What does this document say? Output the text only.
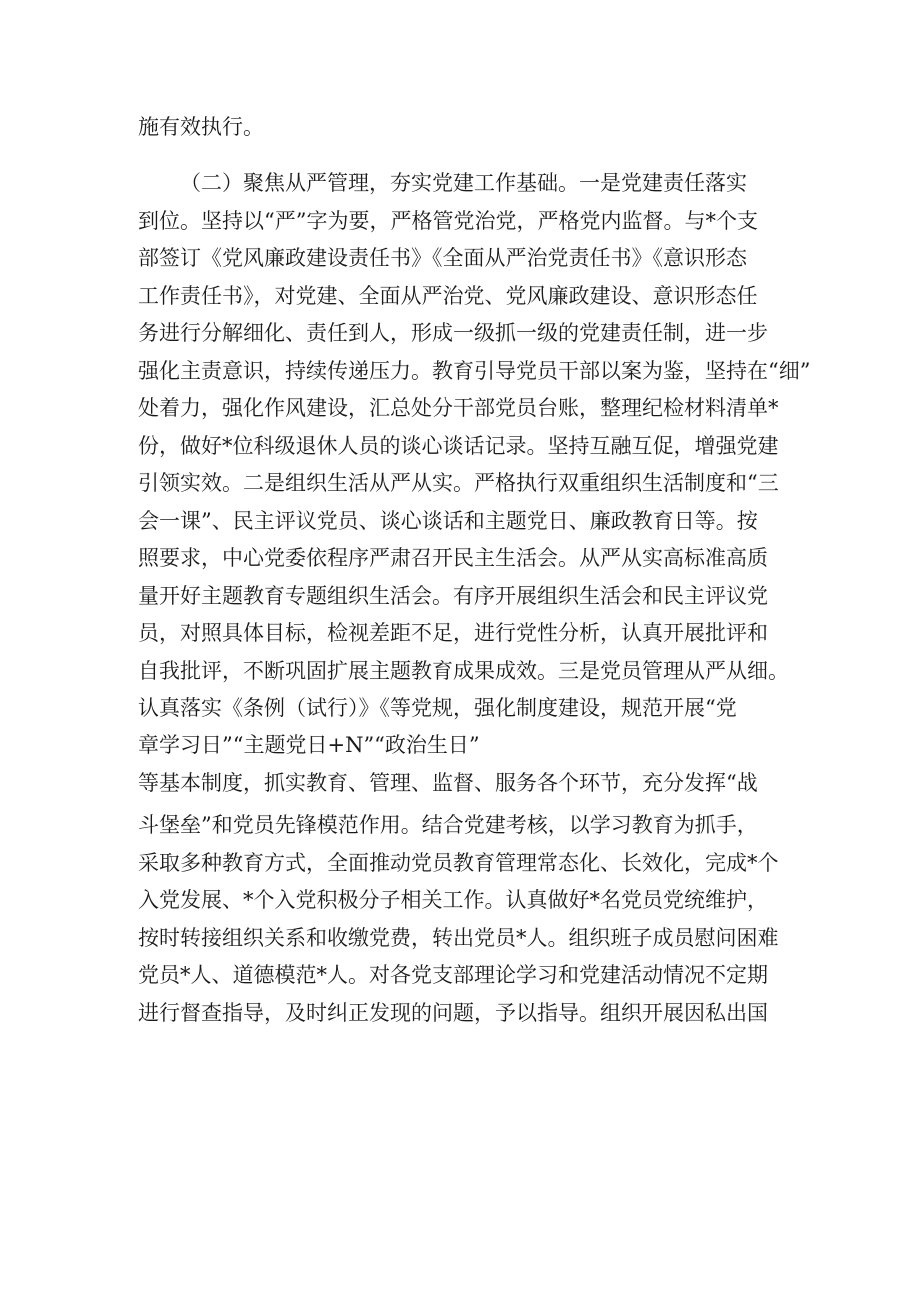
施有效执行。

（二）聚焦从严管理，夯实党建工作基础。一是党建责任落实

到位。坚持以“严”字为要，严格管党治党，严格党内监督。与*个支

部签订《党风廉政建设责任书》《全面从严治党责任书》《意识形态

工作责任书》，对党建、全面从严治党、党风廉政建设、意识形态任

务进行分解细化、责任到人，形成一级抓一级的党建责任制，进一步

强化主责意识，持续传递压力。教育引导党员干部以案为鉴，坚持在“细”

处着力，强化作风建设，汇总处分干部党员台账，整理纪检材料清单*

份，做好*位科级退休人员的谈心谈话记录。坚持互融互促，增强党建

引领实效。二是组织生活从严从实。严格执行双重组织生活制度和“三

会一课”、民主评议党员、谈心谈话和主题党日、廉政教育日等。按

照要求，中心党委依程序严肃召开民主生活会。从严从实高标准高质

量开好主题教育专题组织生活会。有序开展组织生活会和民主评议党

员，对照具体目标，检视差距不足，进行党性分析，认真开展批评和

自我批评，不断巩固扩展主题教育成果成效。三是党员管理从严从细。

认真落实《条例（试行）》《等党规，强化制度建设，规范开展“党

章学习日”“主题党日+N”“政治生日”

等基本制度，抓实教育、管理、监督、服务各个环节，充分发挥“战

斗堡垒”和党员先锋模范作用。结合党建考核，以学习教育为抓手，

采取多种教育方式，全面推动党员教育管理常态化、长效化，完成*个

入党发展、*个入党积极分子相关工作。认真做好*名党员党统维护，

按时转接组织关系和收缴党费，转出党员*人。组织班子成员慰问困难

党员*人、道德模范*人。对各党支部理论学习和党建活动情况不定期

进行督查指导，及时纠正发现的问题，予以指导。组织开展因私出国
